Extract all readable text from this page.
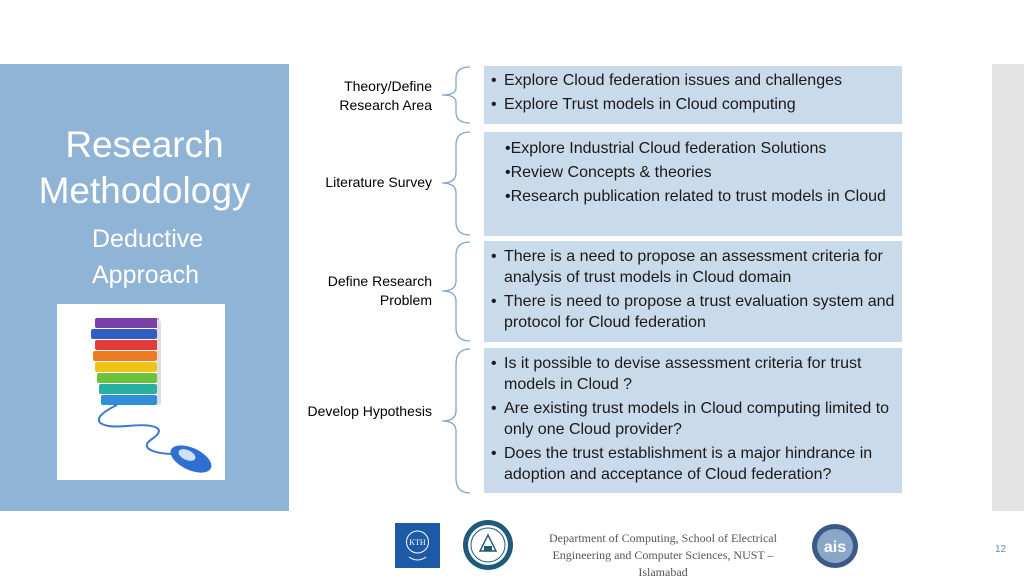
Research Methodology
Deductive Approach
Theory/Define Research Area
• Explore Cloud federation issues and challenges
• Explore Trust models in Cloud computing
Literature Survey
•Explore Industrial Cloud federation Solutions
•Review Concepts & theories
•Research publication related to trust models in Cloud
Define Research Problem
• There is a need to propose an assessment criteria for analysis of trust models in Cloud domain
• There is need to propose a trust evaluation system and protocol for Cloud federation
Develop Hypothesis
• Is it possible to devise assessment criteria for trust models in Cloud ?
• Are existing trust models in Cloud computing limited to only one Cloud provider?
• Does the trust establishment is a major hindrance in adoption and acceptance of Cloud federation?
KTH	Department of Computing, School of Electrical Engineering and Computer Sciences, NUST – Islamabad
ais	12
